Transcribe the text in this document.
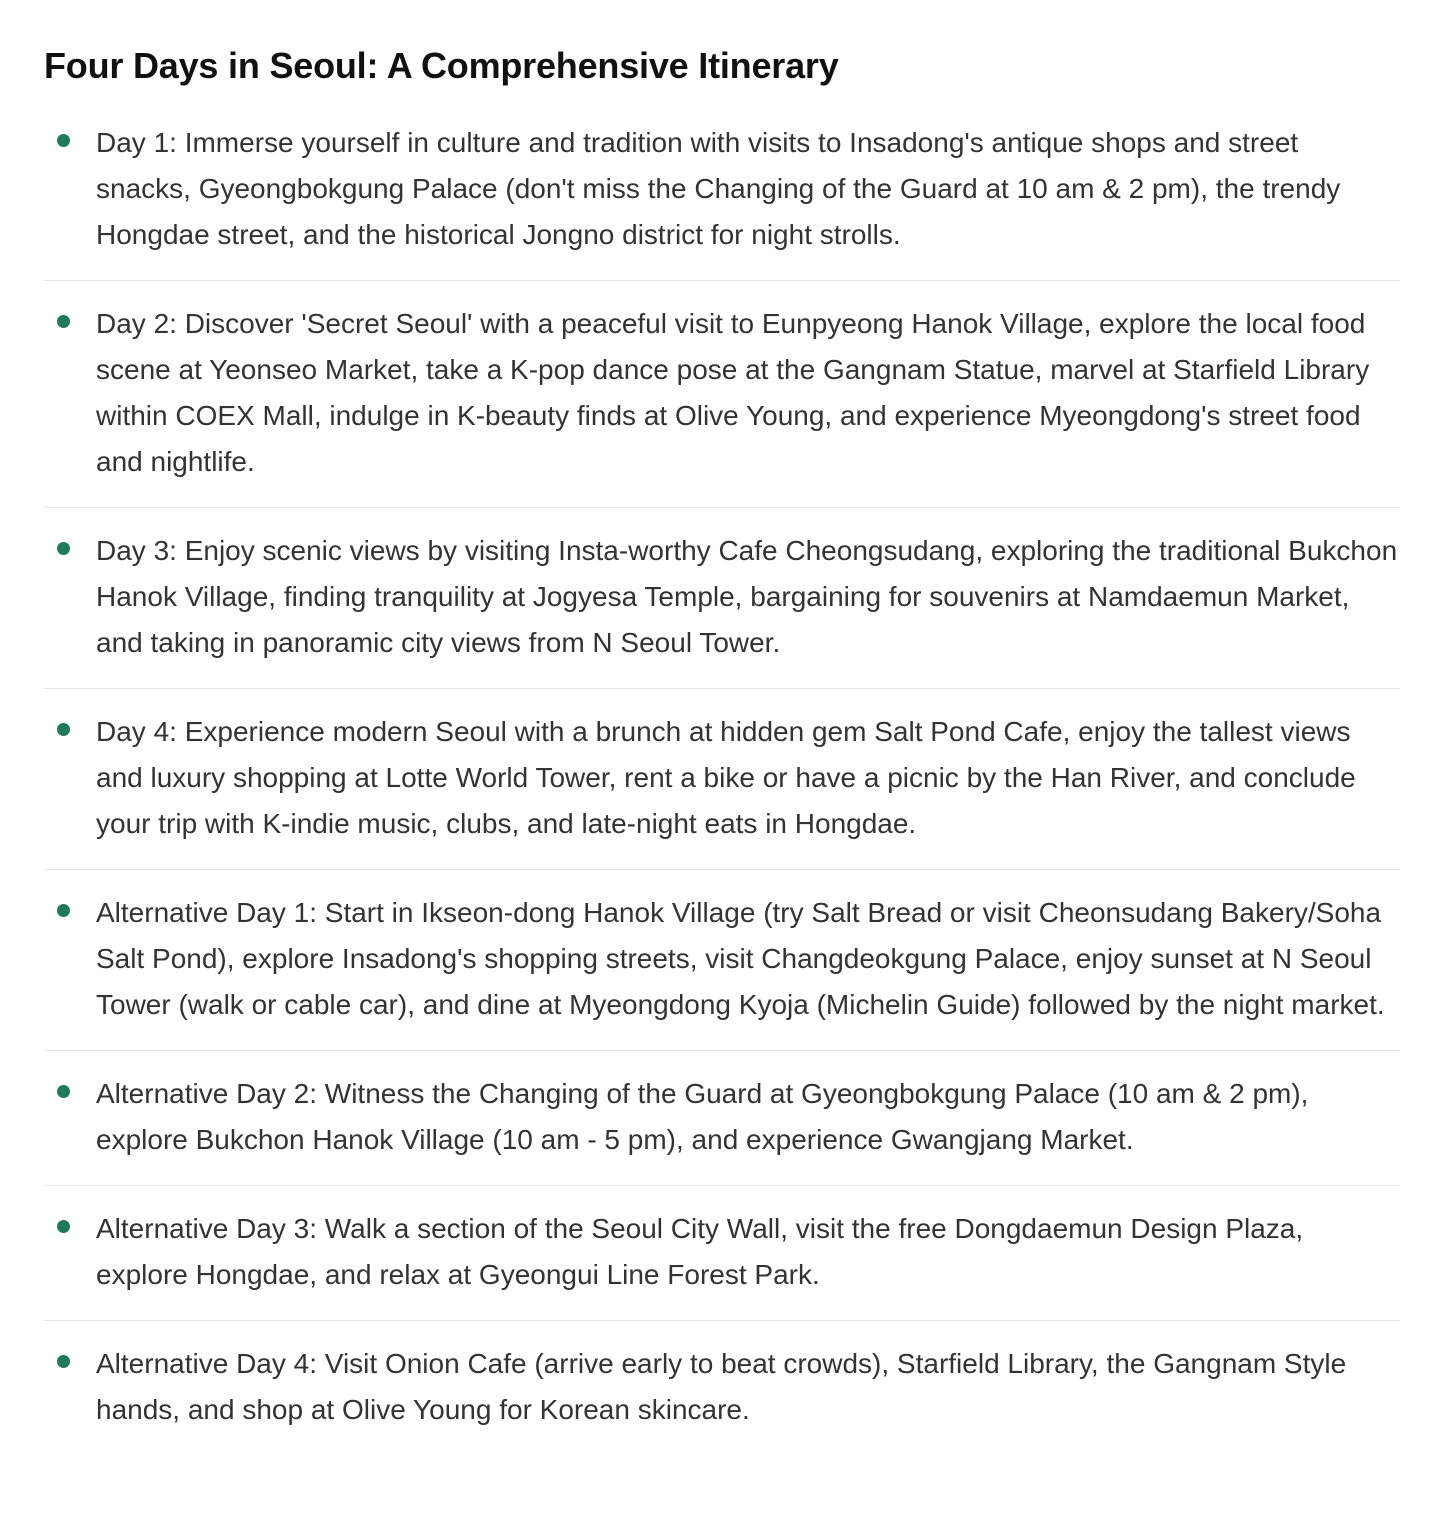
Four Days in Seoul: A Comprehensive Itinerary

Day 1: Immerse yourself in culture and tradition with visits to Insadong's antique shops and street snacks, Gyeongbokgung Palace (don't miss the Changing of the Guard at 10 am & 2 pm), the trendy Hongdae street, and the historical Jongno district for night strolls.

Day 2: Discover 'Secret Seoul' with a peaceful visit to Eunpyeong Hanok Village, explore the local food scene at Yeonseo Market, take a K-pop dance pose at the Gangnam Statue, marvel at Starfield Library within COEX Mall, indulge in K-beauty finds at Olive Young, and experience Myeongdong's street food and nightlife.

Day 3: Enjoy scenic views by visiting Insta-worthy Cafe Cheongsudang, exploring the traditional Bukchon Hanok Village, finding tranquility at Jogyesa Temple, bargaining for souvenirs at Namdaemun Market, and taking in panoramic city views from N Seoul Tower.

Day 4: Experience modern Seoul with a brunch at hidden gem Salt Pond Cafe, enjoy the tallest views and luxury shopping at Lotte World Tower, rent a bike or have a picnic by the Han River, and conclude your trip with K-indie music, clubs, and late-night eats in Hongdae.

Alternative Day 1: Start in Ikseon-dong Hanok Village (try Salt Bread or visit Cheonsudang Bakery/Soha Salt Pond), explore Insadong's shopping streets, visit Changdeokgung Palace, enjoy sunset at N Seoul Tower (walk or cable car), and dine at Myeongdong Kyoja (Michelin Guide) followed by the night market.

Alternative Day 2: Witness the Changing of the Guard at Gyeongbokgung Palace (10 am & 2 pm), explore Bukchon Hanok Village (10 am - 5 pm), and experience Gwangjang Market.

Alternative Day 3: Walk a section of the Seoul City Wall, visit the free Dongdaemun Design Plaza, explore Hongdae, and relax at Gyeongui Line Forest Park.

Alternative Day 4: Visit Onion Cafe (arrive early to beat crowds), Starfield Library, the Gangnam Style hands, and shop at Olive Young for Korean skincare.
